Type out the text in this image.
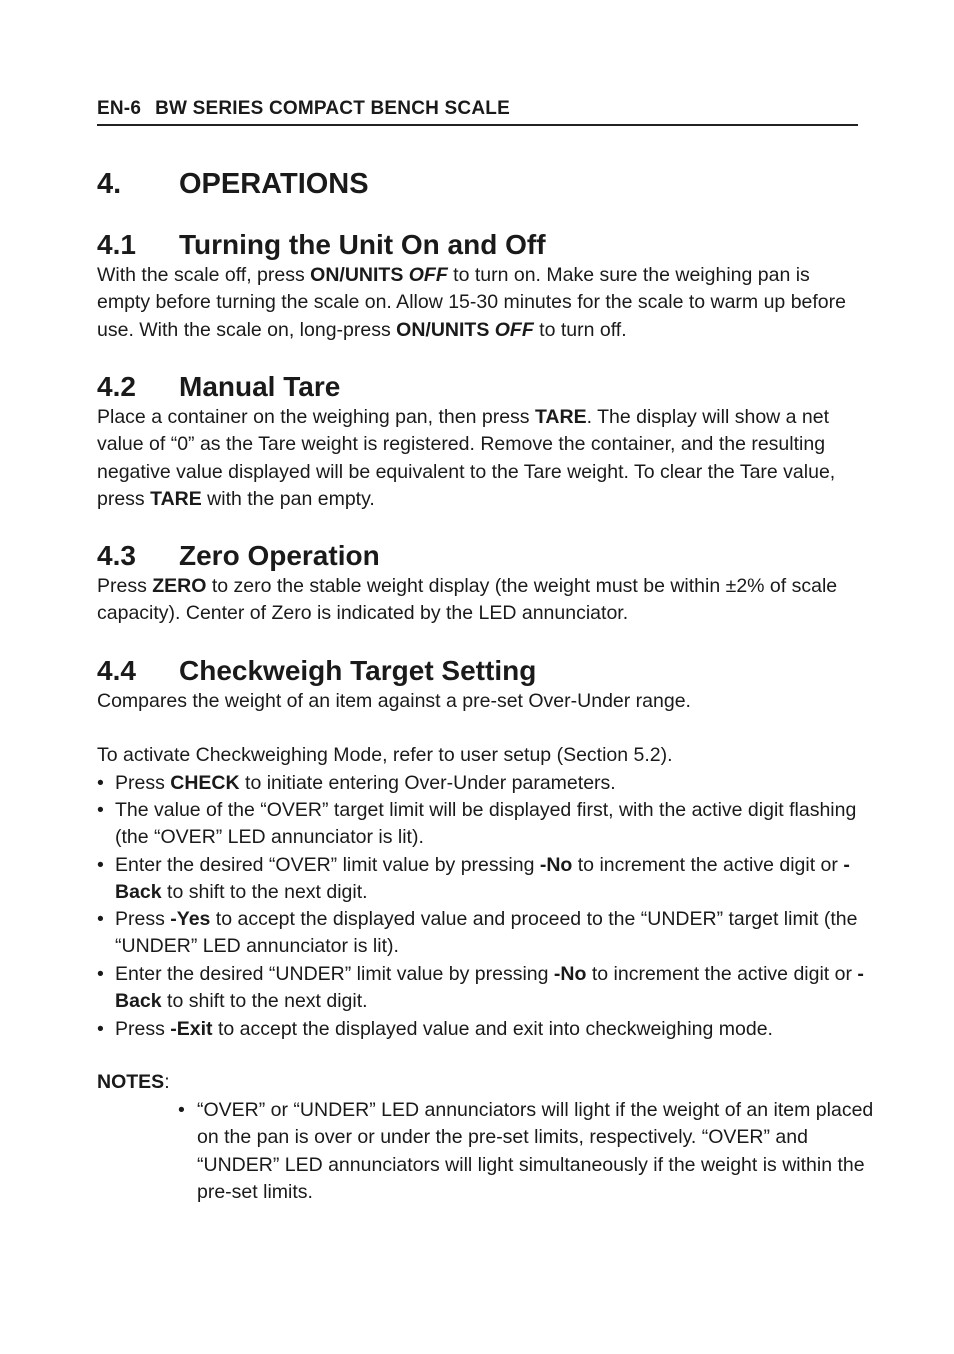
EN-6 BW SERIES COMPACT BENCH SCALE
4. OPERATIONS
4.1 Turning the Unit On and Off
With the scale off, press ON/UNITS OFF to turn on. Make sure the weighing pan is empty before turning the scale on. Allow 15-30 minutes for the scale to warm up before use. With the scale on, long-press ON/UNITS OFF to turn off.
4.2 Manual Tare
Place a container on the weighing pan, then press TARE. The display will show a net value of “0” as the Tare weight is registered. Remove the container, and the resulting negative value displayed will be equivalent to the Tare weight. To clear the Tare value, press TARE with the pan empty.
4.3 Zero Operation
Press ZERO to zero the stable weight display (the weight must be within ±2% of scale capacity). Center of Zero is indicated by the LED annunciator.
4.4 Checkweigh Target Setting
Compares the weight of an item against a pre-set Over-Under range.
To activate Checkweighing Mode, refer to user setup (Section 5.2).
• Press CHECK to initiate entering Over-Under parameters.
• The value of the “OVER” target limit will be displayed first, with the active digit flashing (the “OVER” LED annunciator is lit).
• Enter the desired “OVER” limit value by pressing -No to increment the active digit or -Back to shift to the next digit.
• Press -Yes to accept the displayed value and proceed to the “UNDER” target limit (the “UNDER” LED annunciator is lit).
• Enter the desired “UNDER” limit value by pressing -No to increment the active digit or -Back to shift to the next digit.
• Press -Exit to accept the displayed value and exit into checkweighing mode.
NOTES:
• “OVER” or “UNDER” LED annunciators will light if the weight of an item placed on the pan is over or under the pre-set limits, respectively. “OVER” and “UNDER” LED annunciators will light simultaneously if the weight is within the pre-set limits.
